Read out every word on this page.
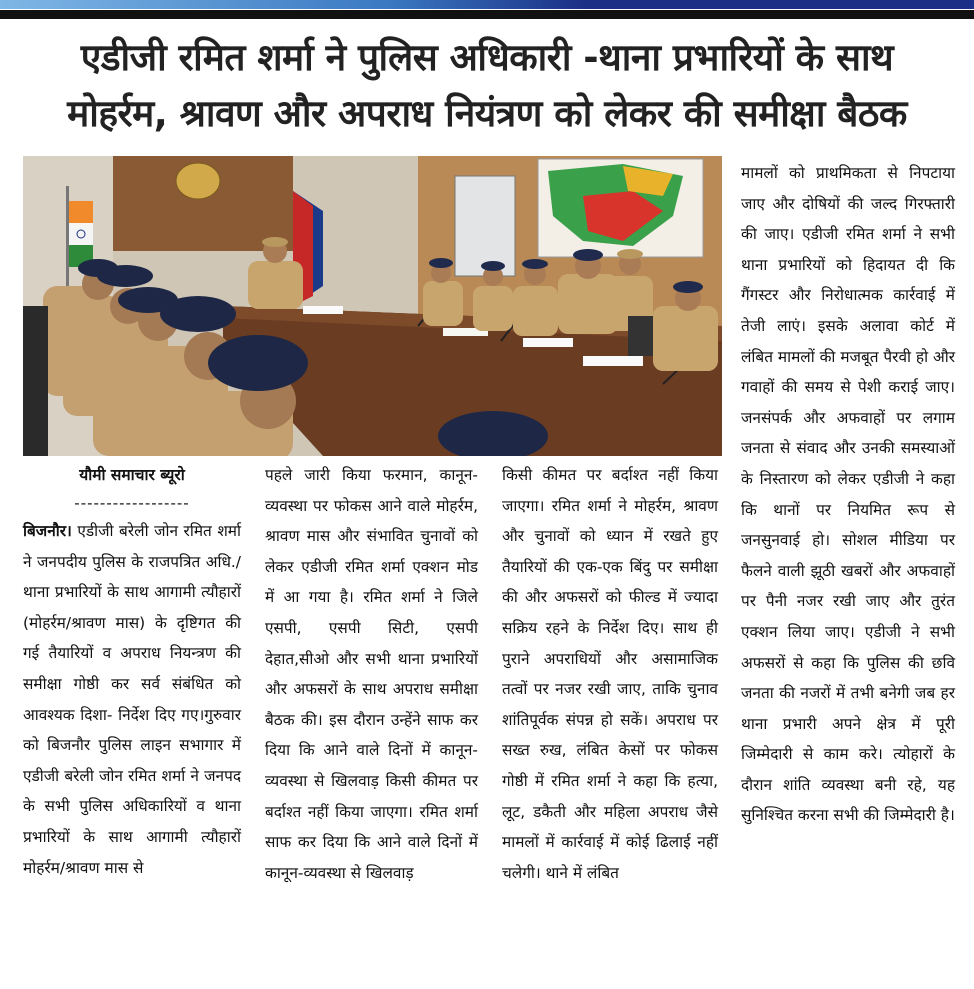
एडीजी रमित शर्मा ने पुलिस अधिकारी -थाना प्रभारियों के साथ
मोहर्रम, श्रावण और अपराध नियंत्रण को लेकर की समीक्षा बैठक
यौमी समाचार ब्यूरो
------------------

बिजनौर। एडीजी बरेली जोन रमित शर्मा ने जनपदीय पुलिस के राजपत्रित अधि./थाना प्रभारियों के साथ आगामी त्यौहारों (मोहर्रम/श्रावण मास) के दृष्टिगत की गई तैयारियों व अपराध नियन्त्रण की समीक्षा गोष्ठी कर सर्व संबंधित को आवश्यक दिशा- निर्देश दिए गए।गुरुवार को बिजनौर पुलिस लाइन सभागार में एडीजी बरेली जोन रमित शर्मा ने जनपद के सभी पुलिस अधिकारियों व थाना प्रभारियों के साथ आगामी त्यौहारों मोहर्रम/श्रावण मास से

पहले जारी किया फरमान, कानून-व्यवस्था पर फोकस आने वाले मोहर्रम, श्रावण मास और संभावित चुनावों को लेकर एडीजी रमित शर्मा एक्शन मोड में आ गया है। रमित शर्मा ने जिले एसपी, एसपी सिटी, एसपी देहात,सीओ और सभी थाना प्रभारियों और अफसरों के साथ अपराध समीक्षा बैठक की। इस दौरान उन्हेंने साफ कर दिया कि आने वाले दिनों में कानून-व्यवस्था से खिलवाड़ किसी कीमत पर बर्दाश्त नहीं किया जाएगा। रमित शर्मा साफ कर दिया कि आने वाले दिनों में कानून-व्यवस्था से खिलवाड़

किसी कीमत पर बर्दाश्त नहीं किया जाएगा। रमित शर्मा ने मोहर्रम, श्रावण और चुनावों को ध्यान में रखते हुए तैयारियों की एक-एक बिंदु पर समीक्षा की और अफसरों को फील्ड में ज्यादा सक्रिय रहने के निर्देश दिए। साथ ही पुराने अपराधियों और असामाजिक तत्वों पर नजर रखी जाए, ताकि चुनाव शांतिपूर्वक संपन्न हो सकें। अपराध पर सख्त रुख, लंबित केसों पर फोकस गोष्ठी में रमित शर्मा ने कहा कि हत्या, लूट, डकैती और महिला अपराध जैसे मामलों में कार्रवाई में कोई ढिलाई नहीं चलेगी। थाने में लंबित

मामलों को प्राथमिकता से निपटाया जाए और दोषियों की जल्द गिरफ्तारी की जाए। एडीजी रमित शर्मा ने सभी थाना प्रभारियों को हिदायत दी कि गैंगस्टर और निरोधात्मक कार्रवाई में तेजी लाएं। इसके अलावा कोर्ट में लंबित मामलों की मजबूत पैरवी हो और गवाहों की समय से पेशी कराई जाए। जनसंपर्क और अफवाहों पर लगाम जनता से संवाद और उनकी समस्याओं के निस्तारण को लेकर एडीजी ने कहा कि थानों पर नियमित रूप से जनसुनवाई हो। सोशल मीडिया पर फैलने वाली झूठी खबरों और अफवाहों पर पैनी नजर रखी जाए और तुरंत एक्शन लिया जाए। एडीजी ने सभी अफसरों से कहा कि पुलिस की छवि जनता की नजरों में तभी बनेगी जब हर थाना प्रभारी अपने क्षेत्र में पूरी जिम्मेदारी से काम करे। त्योहारों के दौरान शांति व्यवस्था बनी रहे, यह सुनिश्चित करना सभी की जिम्मेदारी है।
